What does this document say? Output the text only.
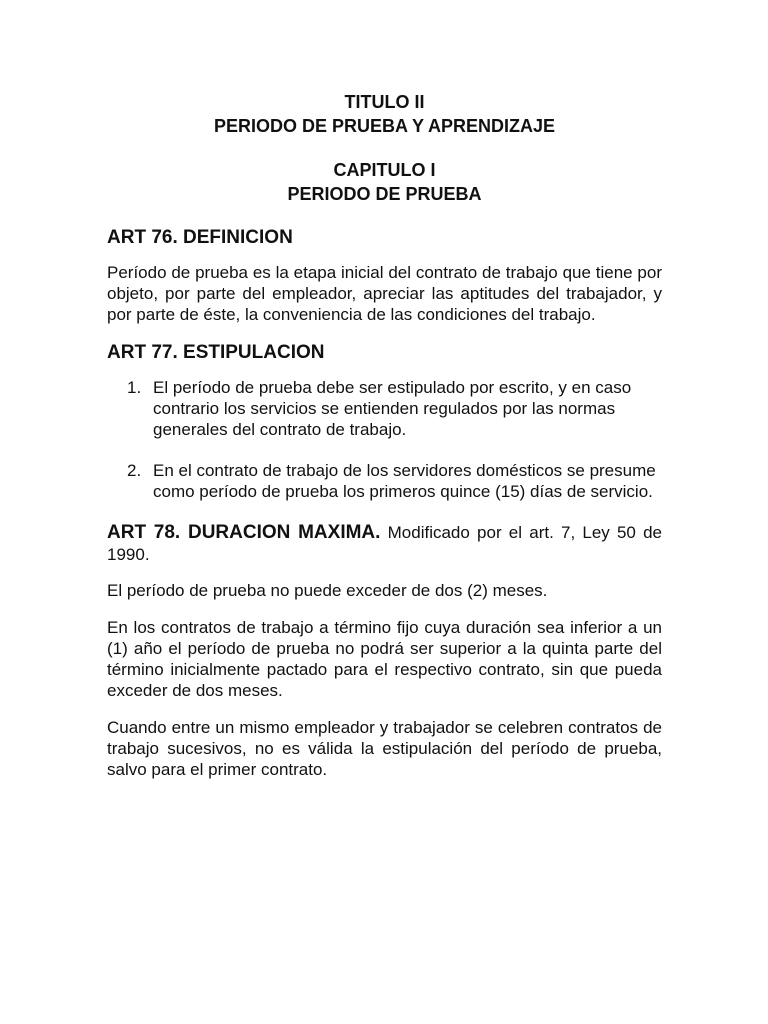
TITULO II
PERIODO DE PRUEBA Y APRENDIZAJE
CAPITULO I
PERIODO DE PRUEBA
ART 76. DEFINICION

Período de prueba es la etapa inicial del contrato de trabajo que tiene por objeto, por parte del empleador, apreciar las aptitudes del trabajador, y por parte de éste, la conveniencia de las condiciones del trabajo.

ART 77. ESTIPULACION
1. El período de prueba debe ser estipulado por escrito, y en caso contrario los servicios se entienden regulados por las normas generales del contrato de trabajo.
2. En el contrato de trabajo de los servidores domésticos se presume como período de prueba los primeros quince (15) días de servicio.

ART 78. DURACION MAXIMA. Modificado por el art. 7, Ley 50 de 1990.

El período de prueba no puede exceder de dos (2) meses.

En los contratos de trabajo a término fijo cuya duración sea inferior a un (1) año el período de prueba no podrá ser superior a la quinta parte del término inicialmente pactado para el respectivo contrato, sin que pueda exceder de dos meses.

Cuando entre un mismo empleador y trabajador se celebren contratos de trabajo sucesivos, no es válida la estipulación del período de prueba, salvo para el primer contrato.
